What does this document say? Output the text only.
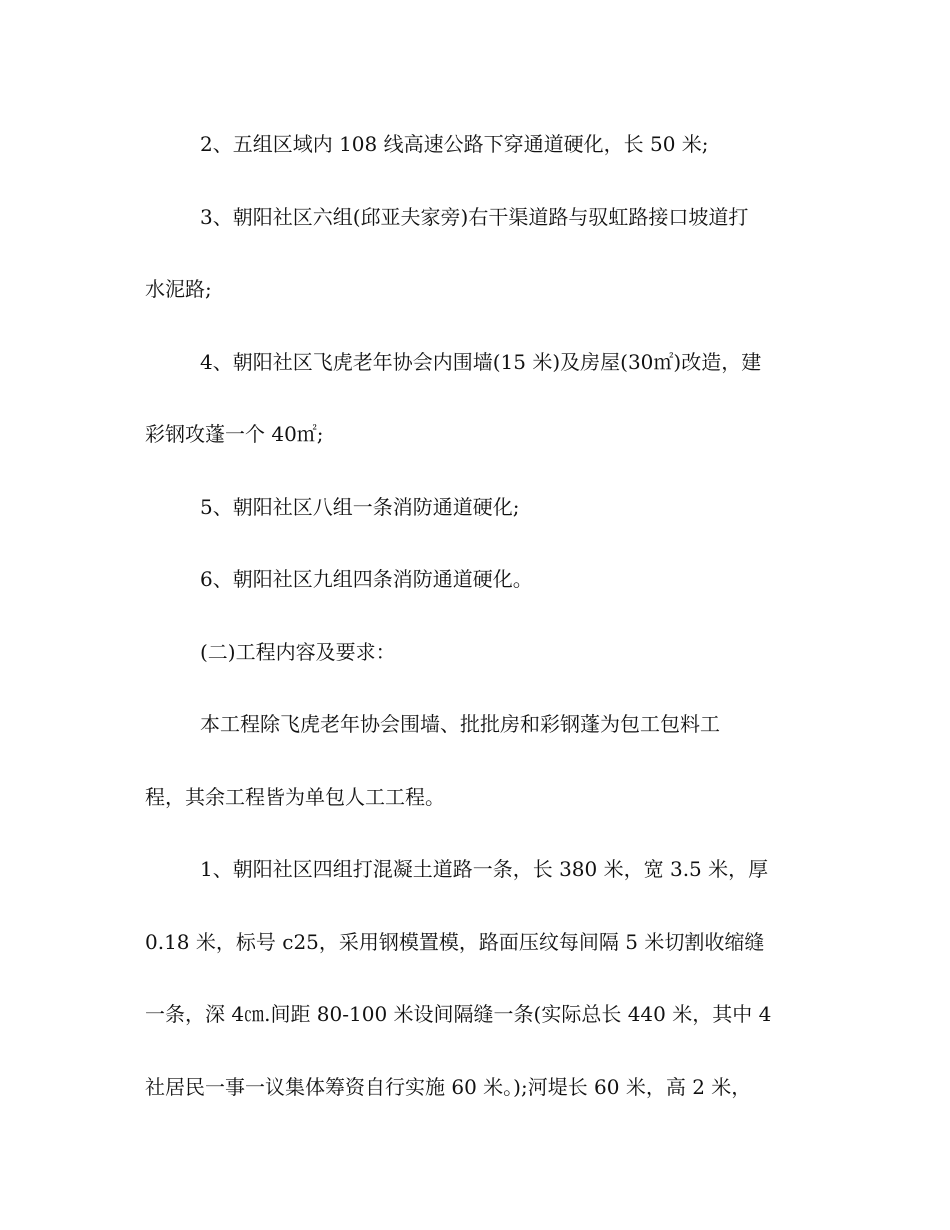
2、五组区域内 108 线高速公路下穿通道硬化，长 50 米;
3、朝阳社区六组(邱亚夫家旁)右干渠道路与驭虹路接口坡道打
水泥路;
4、朝阳社区飞虎老年协会内围墙(15 米)及房屋(30㎡)改造，建
彩钢攻蓬一个 40㎡;
5、朝阳社区八组一条消防通道硬化;
6、朝阳社区九组四条消防通道硬化。
(二)工程内容及要求：
本工程除飞虎老年协会围墙、批批房和彩钢蓬为包工包料工
程，其余工程皆为单包人工工程。
1、朝阳社区四组打混凝土道路一条，长 380 米，宽 3.5 米，厚
0.18 米，标号 c25，采用钢模置模，路面压纹每间隔 5 米切割收缩缝
一条，深 4㎝.间距 80-100 米设间隔缝一条(实际总长 440 米，其中 4
社居民一事一议集体筹资自行实施 60 米。);河堤长 60 米，高 2 米，
